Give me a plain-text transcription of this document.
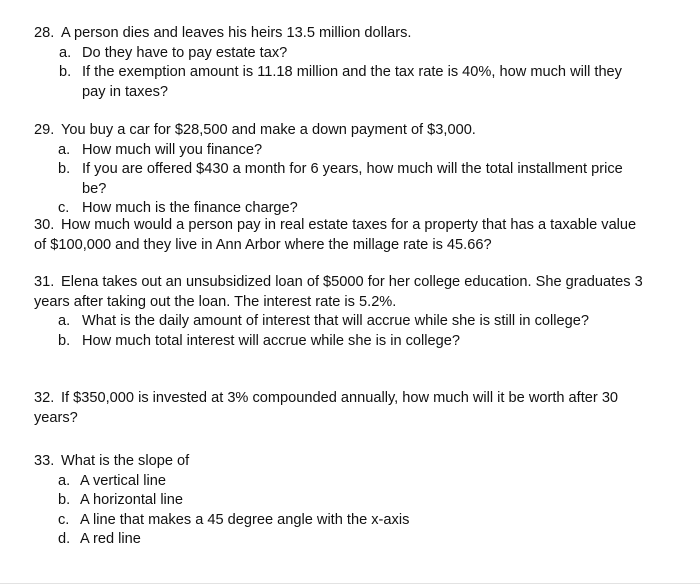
28. A person dies and leaves his heirs 13.5 million dollars.

a. Do they have to pay estate tax?
b. If the exemption amount is 11.18 million and the tax rate is 40%, how much will they pay in taxes?

29. You buy a car for $28,500 and make a down payment of $3,000.

a. How much will you finance?
b. If you are offered $430 a month for 6 years, how much will the total installment price be?
c. How much is the finance charge?

30. How much would a person pay in real estate taxes for a property that has a taxable value of $100,000 and they live in Ann Arbor where the millage rate is 45.66?

31. Elena takes out an unsubsidized loan of $5000 for her college education. She graduates 3 years after taking out the loan. The interest rate is 5.2%.

a. What is the daily amount of interest that will accrue while she is still in college?
b. How much total interest will accrue while she is in college?

32. If $350,000 is invested at 3% compounded annually, how much will it be worth after 30 years?

33. What is the slope of

a. A vertical line
b. A horizontal line
c. A line that makes a 45 degree angle with the x-axis
d. A red line
